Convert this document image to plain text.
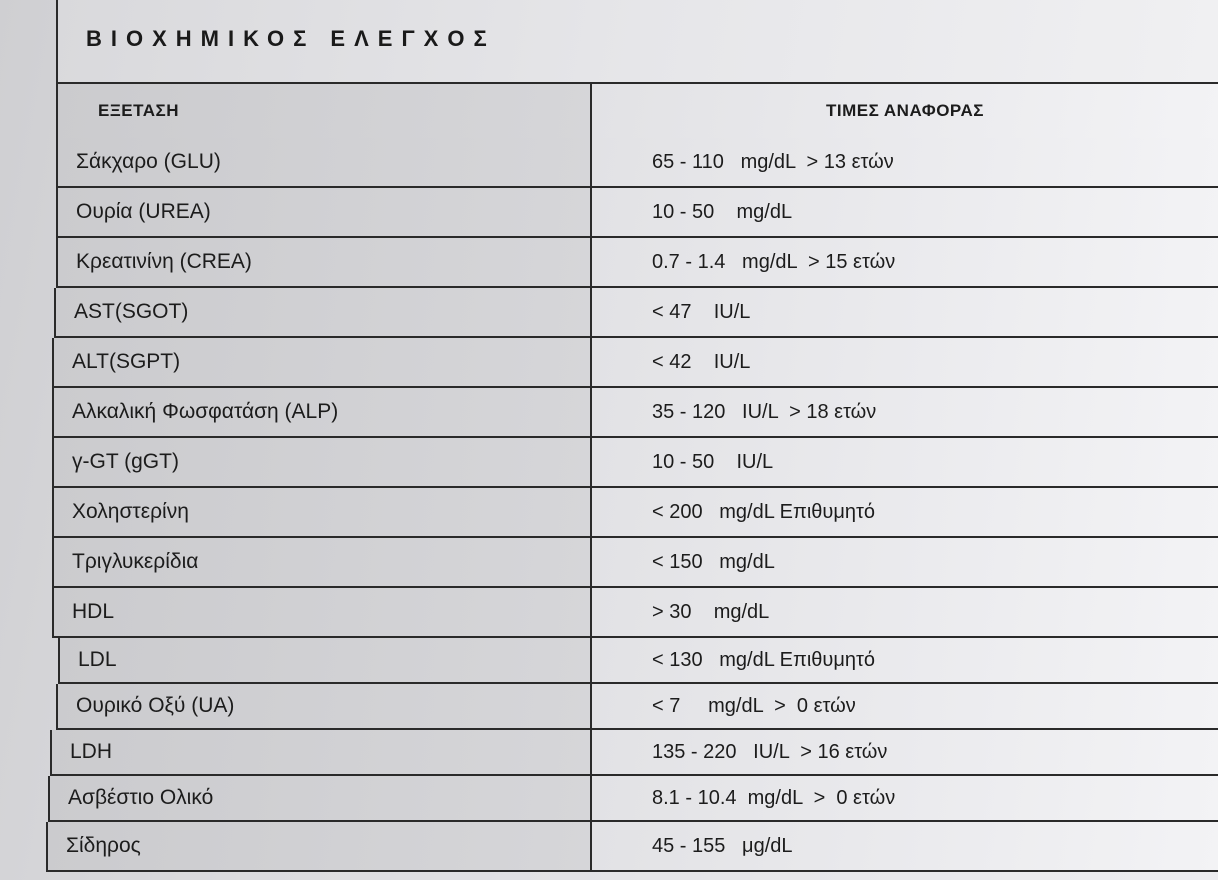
ΒΙΟΧΗΜΙΚΟΣ ΕΛΕΓΧΟΣ
ΕΞΕΤΑΣΗ	ΤΙΜΕΣ ΑΝΑΦΟΡΑΣ
Σάκχαρο (GLU)	65 - 110   mg/dL  > 13 ετών
Ουρία (UREA)	10 - 50    mg/dL
Κρεατινίνη (CREA)	0.7 - 1.4   mg/dL  > 15 ετών
AST(SGOT)	< 47    IU/L
ALT(SGPT)	< 42    IU/L
Αλκαλική Φωσφατάση (ALP)	35 - 120   IU/L  > 18 ετών
γ-GT (gGT)	10 - 50    IU/L
Χοληστερίνη	< 200   mg/dL Επιθυμητό
Τριγλυκερίδια	< 150   mg/dL
HDL	> 30    mg/dL
LDL	< 130   mg/dL Επιθυμητό
Ουρικό Οξύ (UA)	< 7     mg/dL  >  0 ετών
LDH	135 - 220   IU/L  > 16 ετών
Ασβέστιο Ολικό	8.1 - 10.4  mg/dL  >  0 ετών
Σίδηρος	45 - 155   μg/dL
